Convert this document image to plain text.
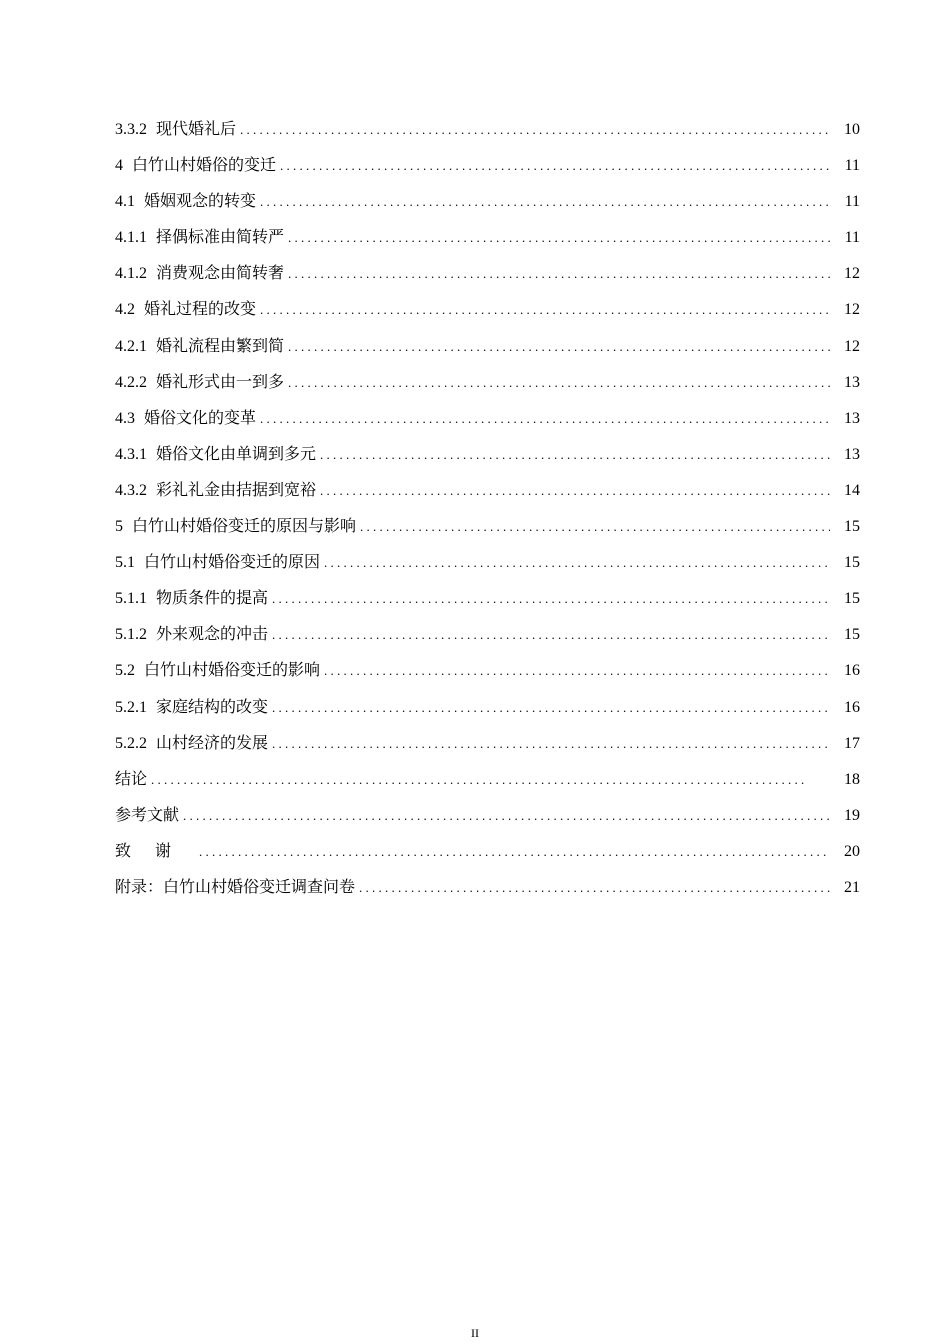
3.3.2 现代婚礼后 . . .	10
4 白竹山村婚俗的变迁 . . .	11
4.1 婚姻观念的转变 . . .	11
4.1.1 择偶标准由简转严 . . .	11
4.1.2 消费观念由简转奢 . . .	12
4.2 婚礼过程的改变 . . .	12
4.2.1 婚礼流程由繁到简 . . .	12
4.2.2 婚礼形式由一到多 . . .	13
4.3 婚俗文化的变革 . . .	13
4.3.1 婚俗文化由单调到多元 . . .	13
4.3.2 彩礼礼金由拮据到宽裕 . . .	14
5 白竹山村婚俗变迁的原因与影响 . . .	15
5.1 白竹山村婚俗变迁的原因 . . .	15
5.1.1 物质条件的提高 . . .	15
5.1.2 外来观念的冲击 . . .	15
5.2 白竹山村婚俗变迁的影响 . . .	16
5.2.1 家庭结构的改变 . . .	16
5.2.2 山村经济的发展 . . .	17
结论 . . .	18
参考文献 . . .	19
致谢 . . .	20
附录：白竹山村婚俗变迁调查问卷 . . .	21
II
